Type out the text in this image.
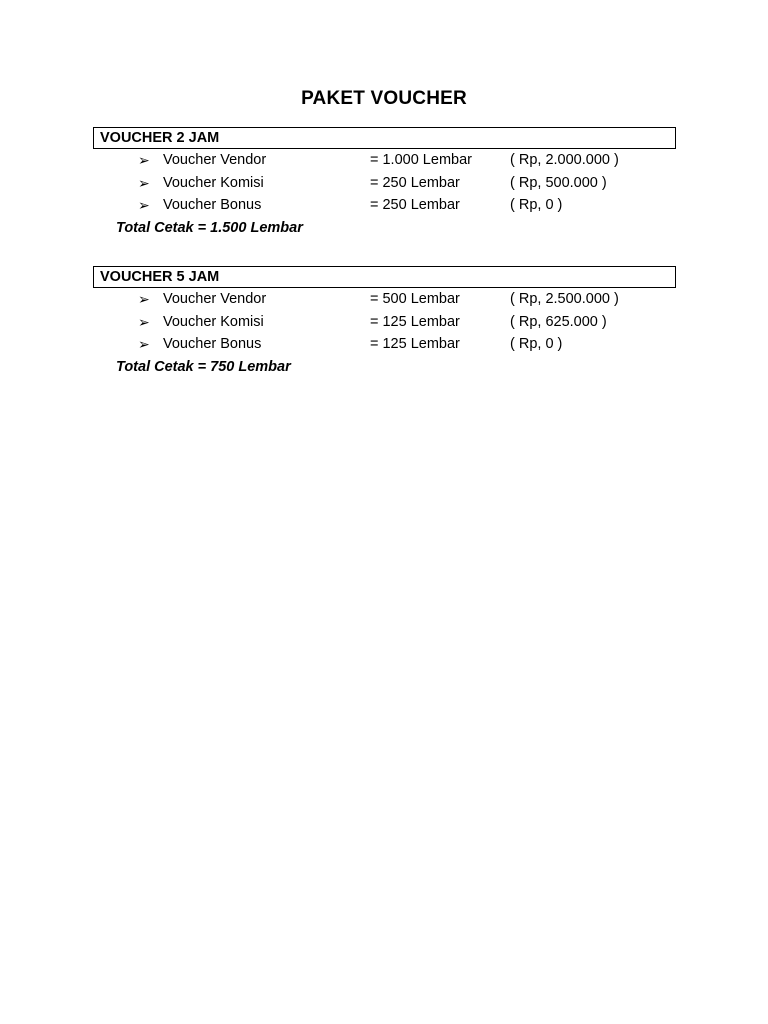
PAKET VOUCHER
VOUCHER 2 JAM
➢ Voucher Vendor	= 1.000 Lembar	( Rp, 2.000.000 )
➢ Voucher Komisi	= 250 Lembar	( Rp, 500.000 )
➢ Voucher Bonus	= 250 Lembar	( Rp, 0 )
Total Cetak = 1.500 Lembar
VOUCHER 5 JAM
➢ Voucher Vendor	= 500 Lembar	( Rp, 2.500.000 )
➢ Voucher Komisi	= 125 Lembar	( Rp, 625.000 )
➢ Voucher Bonus	= 125 Lembar	( Rp, 0 )
Total Cetak = 750 Lembar
